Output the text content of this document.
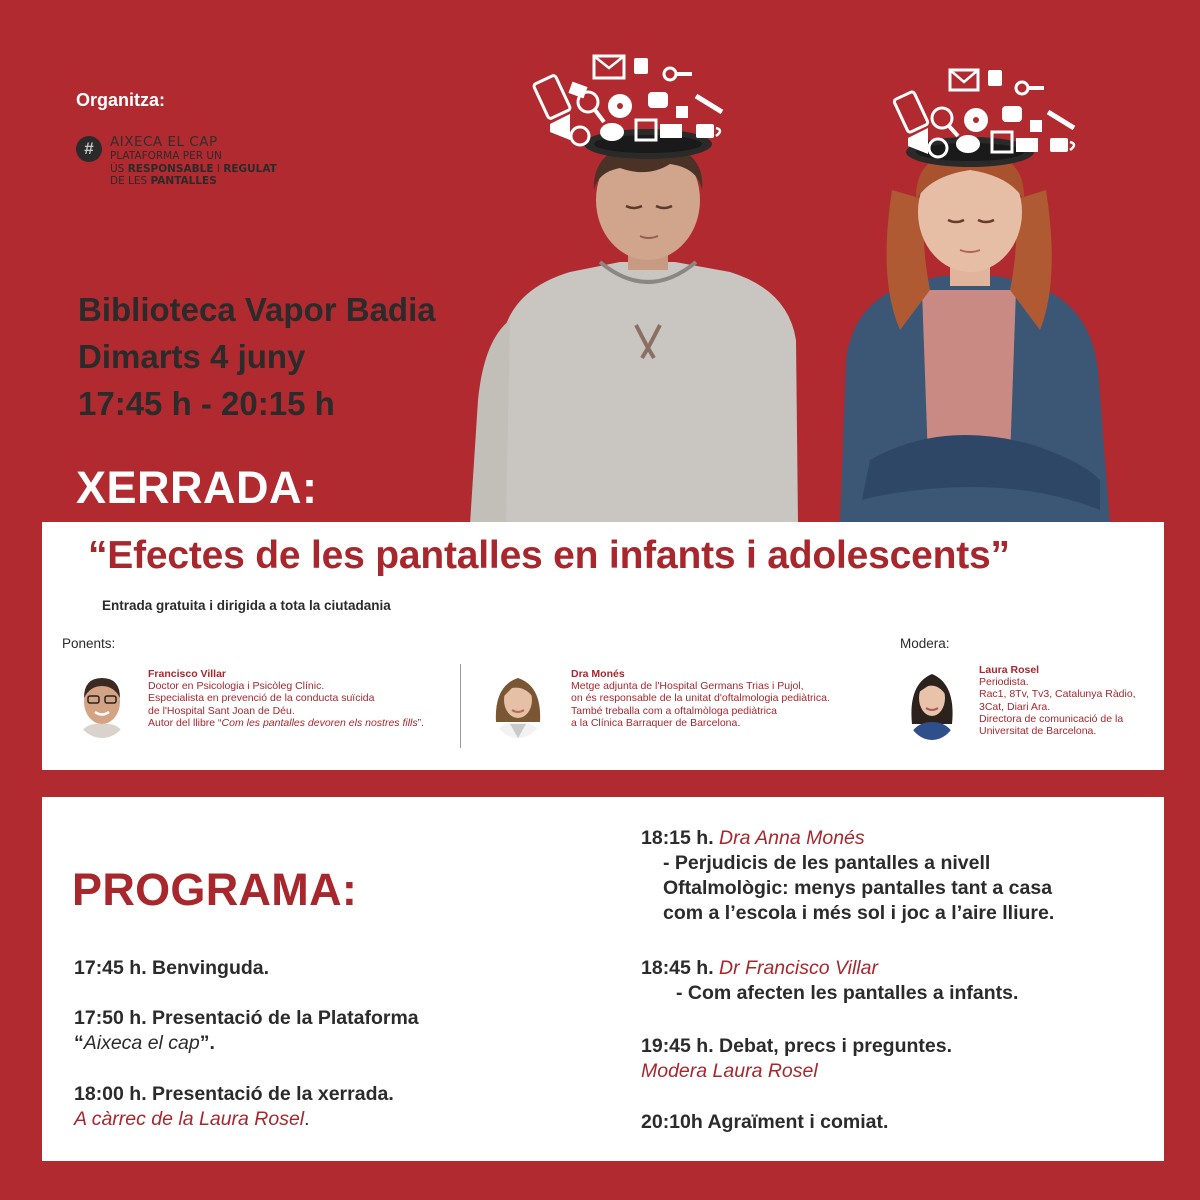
Organitza:
#	AIXECA EL CAP
PLATAFORMA PER UN
ÚS RESPONSABLE I REGULAT
DE LES PANTALLES
Biblioteca Vapor Badia
Dimarts 4 juny
17:45 h - 20:15 h
XERRADA:
“Efectes de les pantalles en infants i adolescents”
Entrada gratuita i dirigida a tota la ciutadania
Ponents:	Modera:
Francisco Villar
Doctor en Psicologia i Psicòleg Clínic.
Especialista en prevenció de la conducta suïcida
de l'Hospital Sant Joan de Déu.
Autor del llibre “Com les pantalles devoren els nostres fills”.
Dra Monés
Metge adjunta de l'Hospital Germans Trias i Pujol,
on és responsable de la unitat d'oftalmologia pediàtrica.
També treballa com a oftalmòloga pediàtrica
a la Clínica Barraquer de Barcelona.
Laura Rosel
Periodista.
Rac1, 8Tv, Tv3, Catalunya Ràdio,
3Cat, Diari Ara.
Directora de comunicació de la
Universitat de Barcelona.
PROGRAMA:
17:45 h. Benvinguda.
17:50 h. Presentació de la Plataforma
“Aixeca el cap”.
18:00 h. Presentació de la xerrada.
A càrrec de la Laura Rosel.
18:15 h. Dra Anna Monés
- Perjudicis de les pantalles a nivell
Oftalmològic: menys pantalles tant a casa
com a l’escola i més sol i joc a l’aire lliure.
18:45 h. Dr Francisco Villar
- Com afecten les pantalles a infants.
19:45 h. Debat, precs i preguntes.
Modera Laura Rosel
20:10h Agraïment i comiat.
